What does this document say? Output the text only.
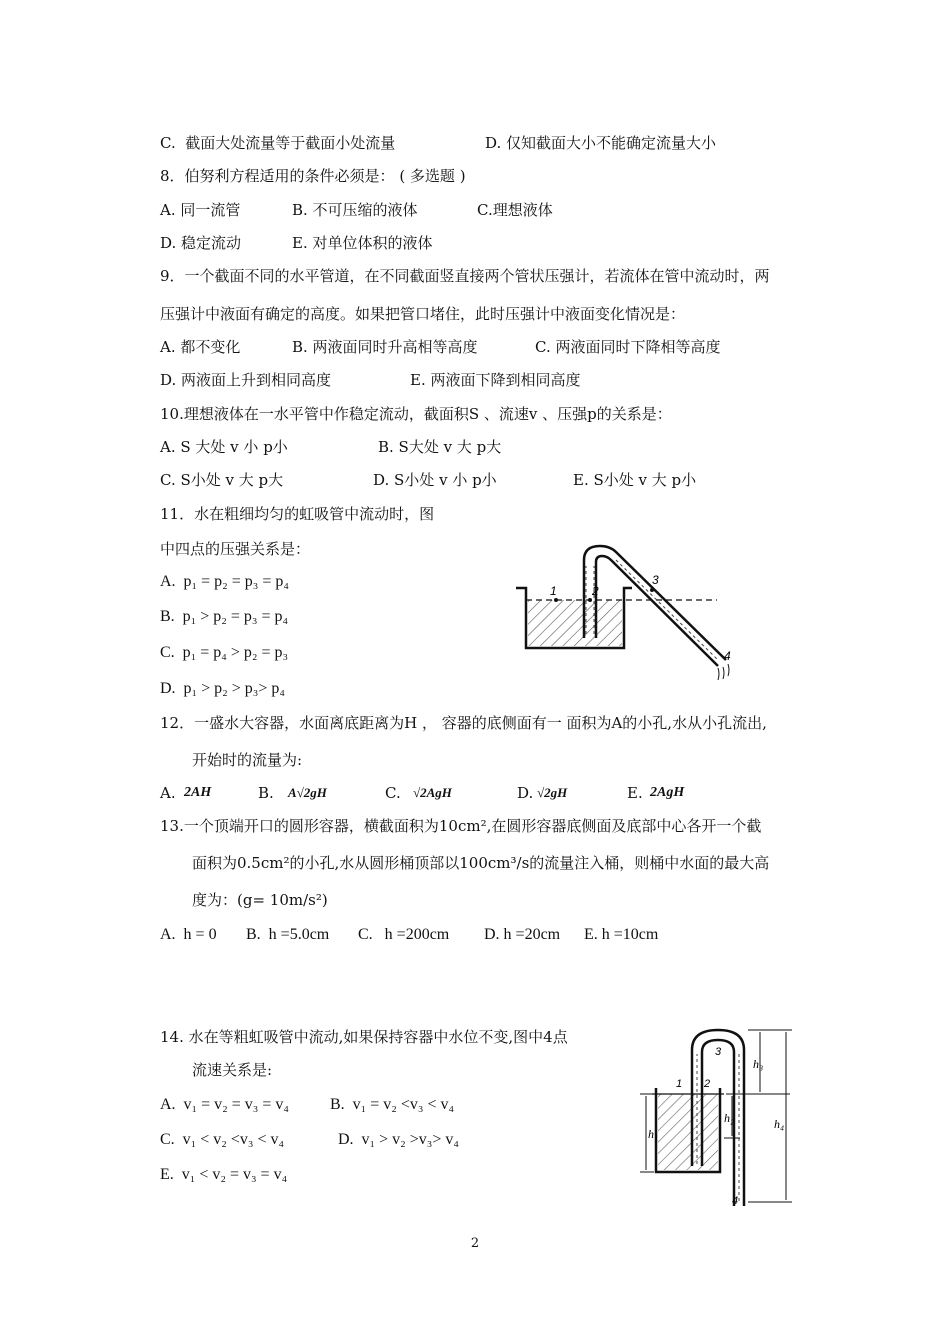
C.  截面大处流量等于截面小处流量	D. 仅知截面大小不能确定流量大小
8．伯努利方程适用的条件必须是： ( 多选题 )
A. 同一流管	B. 不可压缩的液体	C.理想液体
D. 稳定流动	E. 对单位体积的液体
9．一个截面不同的水平管道，在不同截面竖直接两个管状压强计，若流体在管中流动时，两
压强计中液面有确定的高度。如果把管口堵住，此时压强计中液面变化情况是：
A. 都不变化	B. 两液面同时升高相等高度	C. 两液面同时下降相等高度
D. 两液面上升到相同高度	E. 两液面下降到相同高度
10.理想液体在一水平管中作稳定流动，截面积S 、流速v 、压强p的关系是：
A. S 大处 v 小 p小	B. S大处 v 大 p大
C. S小处 v 大 p大	D. S小处 v 小 p小	E. S小处 v 大 p小
11．水在粗细均匀的虹吸管中流动时，图
中四点的压强关系是：
A.  p₁ = p₂ = p₃ = p₄
B.  p₁ > p₂ = p₃ = p₄
C.  p₁ = p₄ > p₂ = p₃
D.  p₁ > p₂ > p₃> p₄
1	2
3
4
12．一盛水大容器，水面离底距离为H ， 容器的底侧面有一 面积为A的小孔,水从小孔流出,
开始时的流量为:
A. 2AH	B. A√2gH	C. √2AgH	D. √2gH	E. 2AgH
13.一个顶端开口的圆形容器，横截面积为10cm²,在圆形容器底侧面及底部中心各开一个截
面积为0.5cm²的小孔,水从圆形桶顶部以100cm³/s的流量注入桶，则桶中水面的最大高
度为：(g= 10m/s²)
A.  h = 0 B.  h =5.0cm C.   h =200cm D. h =20cm E. h =10cm
14. 水在等粗虹吸管中流动,如果保持容器中水位不变,图中4点
流速关系是:
A.  v₁ = v₂ = v₃ = v₄	B.  v₁ = v₂ <v₃ < v₄
C.  v₁ < v₂ <v₃ < v₄	D.  v₁ > v₂ >v₃> v₄
E.  v₁ < v₂ = v₃ = v₄
1 2
3
4
h₁
h₂
h₃
h₄
2
